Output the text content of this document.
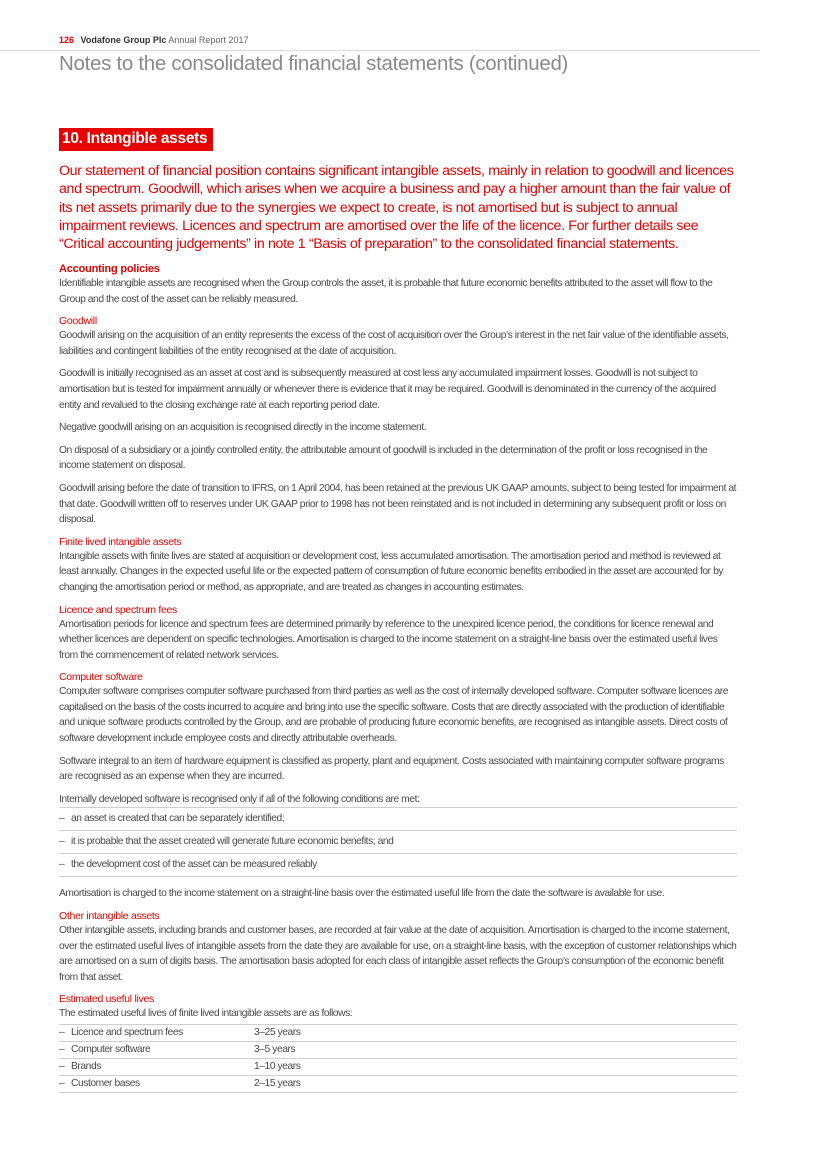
126 Vodafone Group Plc Annual Report 2017
Notes to the consolidated financial statements (continued)
10. Intangible assets

Our statement of financial position contains significant intangible assets, mainly in relation to goodwill and licences and spectrum. Goodwill, which arises when we acquire a business and pay a higher amount than the fair value of its net assets primarily due to the synergies we expect to create, is not amortised but is subject to annual impairment reviews. Licences and spectrum are amortised over the life of the licence. For further details see “Critical accounting judgements” in note 1 “Basis of preparation” to the consolidated financial statements.

Accounting policies

Identifiable intangible assets are recognised when the Group controls the asset, it is probable that future economic benefits attributed to the asset will flow to the Group and the cost of the asset can be reliably measured.

Goodwill

Goodwill arising on the acquisition of an entity represents the excess of the cost of acquisition over the Group’s interest in the net fair value of the identifiable assets, liabilities and contingent liabilities of the entity recognised at the date of acquisition.

Goodwill is initially recognised as an asset at cost and is subsequently measured at cost less any accumulated impairment losses. Goodwill is not subject to amortisation but is tested for impairment annually or whenever there is evidence that it may be required. Goodwill is denominated in the currency of the acquired entity and revalued to the closing exchange rate at each reporting period date.

Negative goodwill arising on an acquisition is recognised directly in the income statement.

On disposal of a subsidiary or a jointly controlled entity, the attributable amount of goodwill is included in the determination of the profit or loss recognised in the income statement on disposal.

Goodwill arising before the date of transition to IFRS, on 1 April 2004, has been retained at the previous UK GAAP amounts, subject to being tested for impairment at that date. Goodwill written off to reserves under UK GAAP prior to 1998 has not been reinstated and is not included in determining any subsequent profit or loss on disposal.

Finite lived intangible assets

Intangible assets with finite lives are stated at acquisition or development cost, less accumulated amortisation. The amortisation period and method is reviewed at least annually. Changes in the expected useful life or the expected pattern of consumption of future economic benefits embodied in the asset are accounted for by changing the amortisation period or method, as appropriate, and are treated as changes in accounting estimates.

Licence and spectrum fees

Amortisation periods for licence and spectrum fees are determined primarily by reference to the unexpired licence period, the conditions for licence renewal and whether licences are dependent on specific technologies. Amortisation is charged to the income statement on a straight-line basis over the estimated useful lives from the commencement of related network services.

Computer software

Computer software comprises computer software purchased from third parties as well as the cost of internally developed software. Computer software licences are capitalised on the basis of the costs incurred to acquire and bring into use the specific software. Costs that are directly associated with the production of identifiable and unique software products controlled by the Group, and are probable of producing future economic benefits, are recognised as intangible assets. Direct costs of software development include employee costs and directly attributable overheads.

Software integral to an item of hardware equipment is classified as property, plant and equipment. Costs associated with maintaining computer software programs are recognised as an expense when they are incurred.

Internally developed software is recognised only if all of the following conditions are met:

– an asset is created that can be separately identified;
– it is probable that the asset created will generate future economic benefits; and
– the development cost of the asset can be measured reliably

Amortisation is charged to the income statement on a straight-line basis over the estimated useful life from the date the software is available for use.

Other intangible assets

Other intangible assets, including brands and customer bases, are recorded at fair value at the date of acquisition. Amortisation is charged to the income statement, over the estimated useful lives of intangible assets from the date they are available for use, on a straight-line basis, with the exception of customer relationships which are amortised on a sum of digits basis. The amortisation basis adopted for each class of intangible asset reflects the Group’s consumption of the economic benefit from that asset.

Estimated useful lives

The estimated useful lives of finite lived intangible assets are as follows:

– Licence and spectrum fees	3–25 years
– Computer software	3–5 years
– Brands	1–10 years
– Customer bases	2–15 years
